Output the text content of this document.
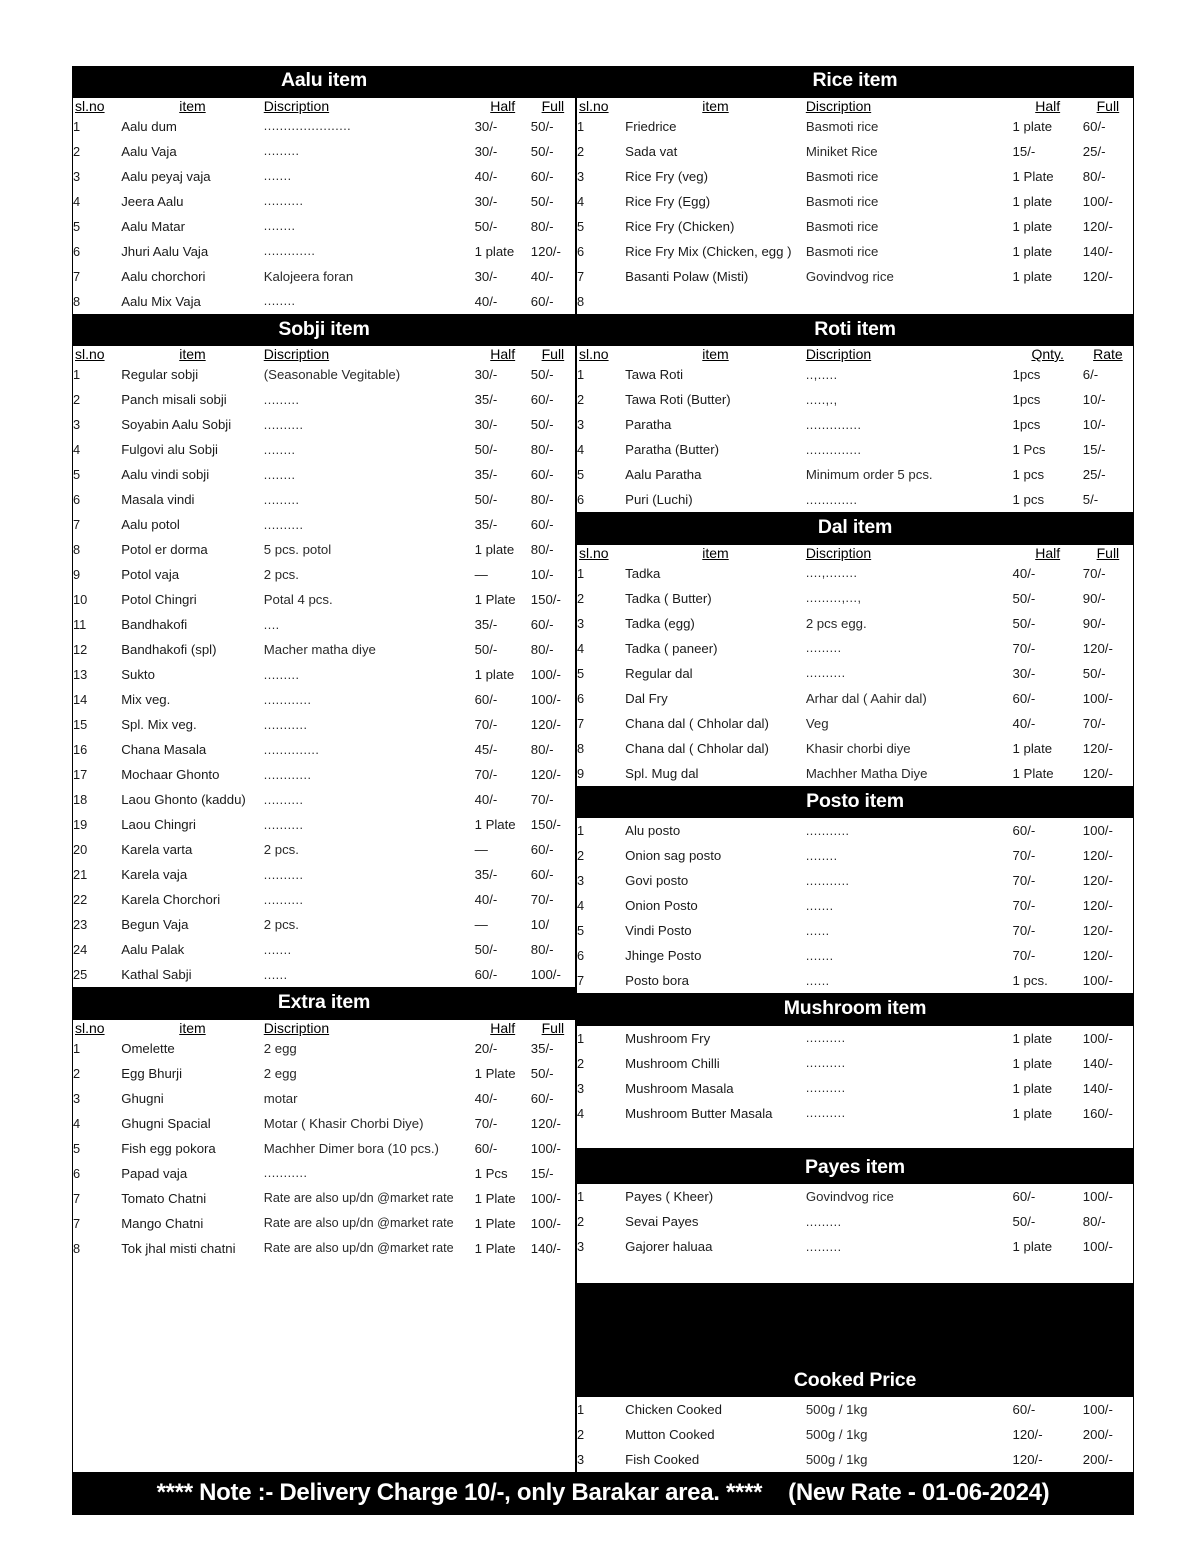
Aalu item
sl.no	item	Discription	Half	Full
1	Aalu dum	......................	30/-	50/-
2	Aalu Vaja	.........	30/-	50/-
3	Aalu peyaj vaja	.......	40/-	60/-
4	Jeera Aalu	..........	30/-	50/-
5	Aalu Matar	........	50/-	80/-
6	Jhuri Aalu Vaja	.............	1 plate	120/-
7	Aalu chorchori	Kalojeera foran	30/-	40/-
8	Aalu Mix Vaja	........	40/-	60/-
Sobji item
sl.no	item	Discription	Half	Full
1	Regular sobji	(Seasonable Vegitable)	30/-	50/-
2	Panch misali sobji	.........	35/-	60/-
3	Soyabin Aalu Sobji	..........	30/-	50/-
4	Fulgovi alu Sobji	........	50/-	80/-
5	Aalu vindi sobji	........	35/-	60/-
6	Masala vindi	.........	50/-	80/-
7	Aalu potol	..........	35/-	60/-
8	Potol er dorma	5 pcs. potol	1 plate	80/-
9	Potol vaja	2 pcs.	—	10/-
10	Potol Chingri	Potal 4 pcs.	1 Plate	150/-
11	Bandhakofi	....	35/-	60/-
12	Bandhakofi (spl)	Macher matha diye	50/-	80/-
13	Sukto	.........	1 plate	100/-
14	Mix veg.	............	60/-	100/-
15	Spl. Mix veg.	...........	70/-	120/-
16	Chana Masala	..............	45/-	80/-
17	Mochaar Ghonto	............	70/-	120/-
18	Laou Ghonto (kaddu)	..........	40/-	70/-
19	Laou Chingri	..........	1 Plate	150/-
20	Karela varta	2 pcs.	—	60/-
21	Karela vaja	..........	35/-	60/-
22	Karela Chorchori	..........	40/-	70/-
23	Begun Vaja	2 pcs.	—	10/
24	Aalu Palak	.......	50/-	80/-
25	Kathal Sabji	......	60/-	100/-
Extra item
sl.no	item	Discription	Half	Full
1	Omelette	2 egg	20/-	35/-
2	Egg Bhurji	2 egg	1 Plate	50/-
3	Ghugni	motar	40/-	60/-
4	Ghugni Spacial	Motar ( Khasir Chorbi Diye)	70/-	120/-
5	Fish egg pokora	Machher Dimer bora (10 pcs.)	60/-	100/-
6	Papad vaja	...........	1 Pcs	15/-
7	Tomato Chatni	Rate are also up/dn @market rate	1 Plate	100/-
7	Mango Chatni	Rate are also up/dn @market rate	1 Plate	100/-
8	Tok jhal misti chatni	Rate are also up/dn @market rate	1 Plate	140/-
Rice item
sl.no	item	Discription	Half	Full
1	Friedrice	Basmoti rice	1 plate	60/-
2	Sada vat	Miniket Rice	15/-	25/-
3	Rice Fry (veg)	Basmoti rice	1 Plate	80/-
4	Rice Fry (Egg)	Basmoti rice	1 plate	100/-
5	Rice Fry (Chicken)	Basmoti rice	1 plate	120/-
6	Rice Fry Mix (Chicken, egg )	Basmoti rice	1 plate	140/-
7	Basanti Polaw (Misti)	Govindvog rice	1 plate	120/-
8				
Roti item
sl.no	item	Discription	Qnty.	Rate
1	Tawa Roti	..,.....	1pcs	6/-
2	Tawa Roti (Butter)	.....,.,	1pcs	10/-
3	Paratha	..............	1pcs	10/-
4	Paratha (Butter)	..............	1 Pcs	15/-
5	Aalu Paratha	Minimum order 5 pcs.	1 pcs	25/-
6	Puri (Luchi)	.............	1 pcs	5/-
Dal item
sl.no	item	Discription	Half	Full
1	Tadka	....,........	40/-	70/-
2	Tadka ( Butter)	.........,...,	50/-	90/-
3	Tadka (egg)	2 pcs egg.	50/-	90/-
4	Tadka ( paneer)	.........	70/-	120/-
5	Regular dal	..........	30/-	50/-
6	Dal Fry	Arhar dal ( Aahir dal)	60/-	100/-
7	Chana dal ( Chholar dal)	Veg	40/-	70/-
8	Chana dal ( Chholar dal)	Khasir chorbi diye	1 plate	120/-
9	Spl. Mug dal	Machher Matha Diye	1 Plate	120/-
Posto item
1	Alu posto	...........	60/-	100/-
2	Onion sag posto	........	70/-	120/-
3	Govi posto	...........	70/-	120/-
4	Onion Posto	.......	70/-	120/-
5	Vindi Posto	......	70/-	120/-
6	Jhinge Posto	.......	70/-	120/-
7	Posto bora	......	1 pcs.	100/-
Mushroom item
1	Mushroom Fry	..........	1 plate	100/-
2	Mushroom Chilli	..........	1 plate	140/-
3	Mushroom Masala	..........	1 plate	140/-
4	Mushroom Butter Masala	..........	1 plate	160/-
Payes item
1	Payes ( Kheer)	Govindvog rice	60/-	100/-
2	Sevai Payes	.........	50/-	80/-
3	Gajorer haluaa	.........	1 plate	100/-
Cooked Price
1	Chicken Cooked	500g / 1kg	60/-	100/-
2	Mutton Cooked	500g / 1kg	120/-	200/-
3	Fish Cooked	500g / 1kg	120/-	200/-
**** Note :- Delivery Charge 10/-, only Barakar area. **** (New Rate - 01-06-2024)
